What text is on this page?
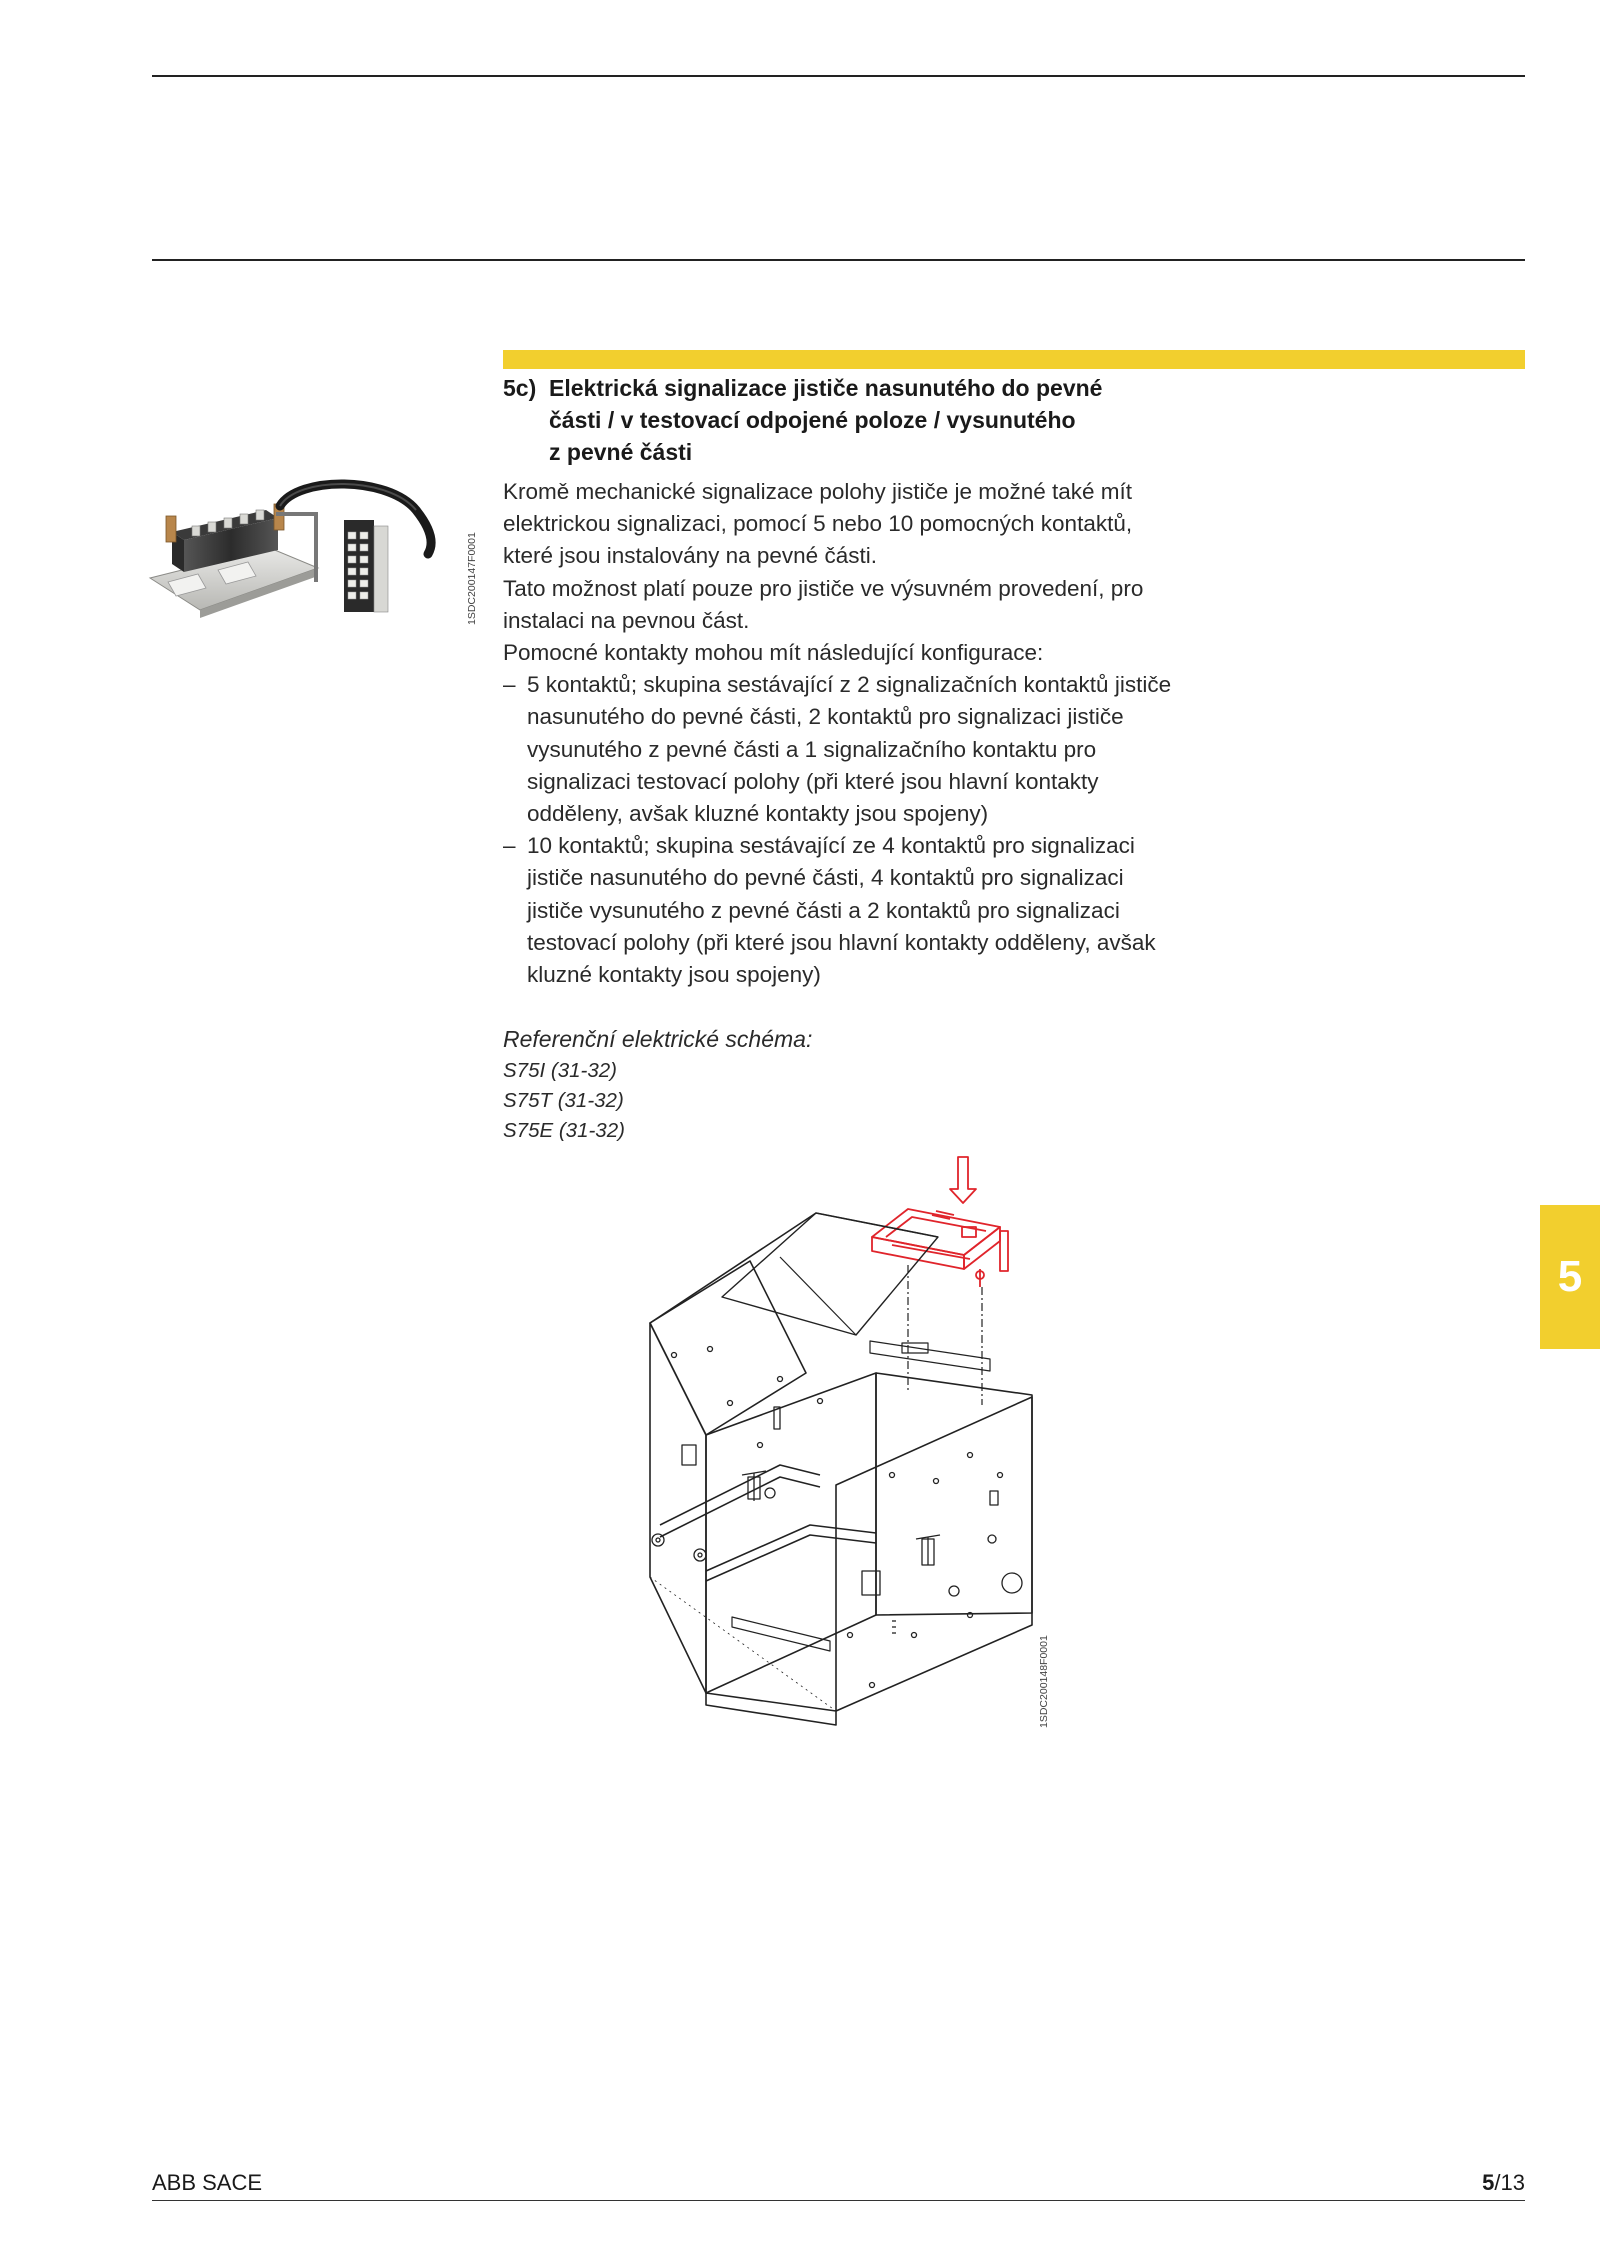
5c) Elektrická signalizace jističe nasunutého do pevné
části / v testovací odpojené poloze / vysunutého
z pevné části
1SDC200147F0001

Kromě mechanické signalizace polohy jističe je možné také mít elektrickou signalizaci, pomocí 5 nebo 10 pomocných kontaktů, které jsou instalovány na pevné části.

Tato možnost platí pouze pro jističe ve výsuvném provedení, pro instalaci na pevnou část.

Pomocné kontakty mohou mít následující konfigurace:

– 5 kontaktů; skupina sestávající z 2 signalizačních kontaktů jističe nasunutého do pevné části, 2 kontaktů pro signalizaci jističe vysunutého z pevné části a 1 signalizačního kontaktu pro signalizaci testovací polohy (při které jsou hlavní kontakty odděleny, avšak kluzné kontakty jsou spojeny)
– 10 kontaktů; skupina sestávající ze 4 kontaktů pro signalizaci jističe nasunutého do pevné části, 4 kontaktů pro signalizaci jističe vysunutého z pevné části a 2 kontaktů pro signalizaci testovací polohy (při které jsou hlavní kontakty odděleny, avšak kluzné kontakty jsou spojeny)
Referenční elektrické schéma:
S75I (31-32)
S75T (31-32)
S75E (31-32)
1SDC200148F0001
5
ABB SACE	5/13
